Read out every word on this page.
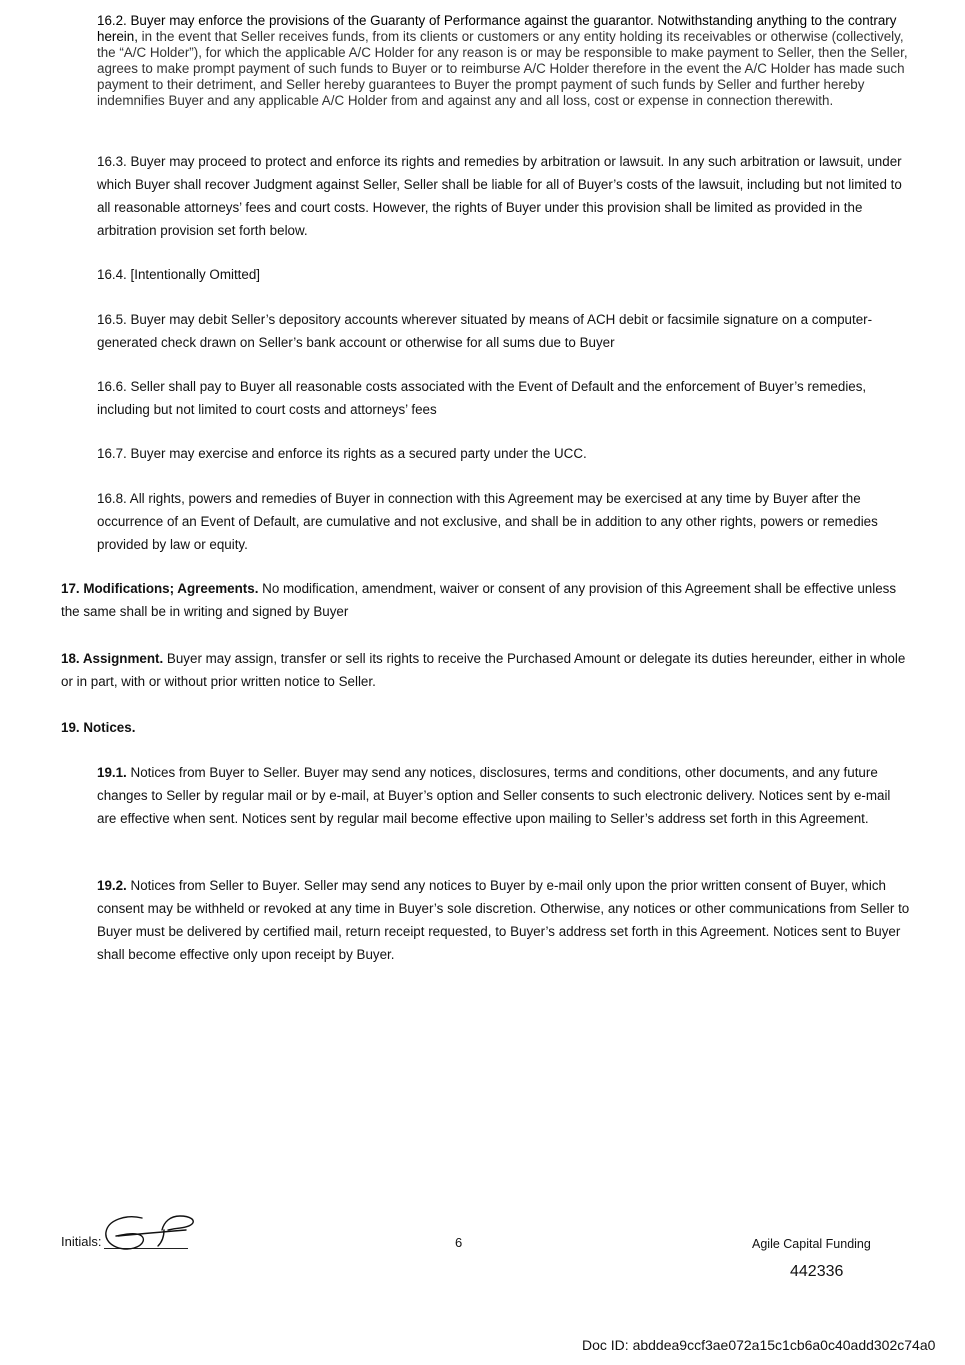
16.2. Buyer may enforce the provisions of the Guaranty of Performance against the guarantor. Notwithstanding anything to the contrary herein, in the event that Seller receives funds, from its clients or customers or any entity holding its receivables or otherwise (collectively, the “A/C Holder”), for which the applicable A/C Holder for any reason is or may be responsible to make payment to Seller, then the Seller, agrees to make prompt payment of such funds to Buyer or to reimburse A/C Holder therefore in the event the A/C Holder has made such payment to their detriment, and Seller hereby guarantees to Buyer the prompt payment of such funds by Seller and further hereby indemnifies Buyer and any applicable A/C Holder from and against any and all loss, cost or expense in connection therewith.

16.3. Buyer may proceed to protect and enforce its rights and remedies by arbitration or lawsuit. In any such arbitration or lawsuit, under which Buyer shall recover Judgment against Seller, Seller shall be liable for all of Buyer’s costs of the lawsuit, including but not limited to all reasonable attorneys’ fees and court costs. However, the rights of Buyer under this provision shall be limited as provided in the arbitration provision set forth below.

16.4. [Intentionally Omitted]

16.5. Buyer may debit Seller’s depository accounts wherever situated by means of ACH debit or facsimile signature on a computer-generated check drawn on Seller’s bank account or otherwise for all sums due to Buyer

16.6. Seller shall pay to Buyer all reasonable costs associated with the Event of Default and the enforcement of Buyer’s remedies, including but not limited to court costs and attorneys’ fees

16.7. Buyer may exercise and enforce its rights as a secured party under the UCC.

16.8. All rights, powers and remedies of Buyer in connection with this Agreement may be exercised at any time by Buyer after the occurrence of an Event of Default, are cumulative and not exclusive, and shall be in addition to any other rights, powers or remedies provided by law or equity.

17. Modifications; Agreements. No modification, amendment, waiver or consent of any provision of this Agreement shall be effective unless the same shall be in writing and signed by Buyer

18. Assignment. Buyer may assign, transfer or sell its rights to receive the Purchased Amount or delegate its duties hereunder, either in whole or in part, with or without prior written notice to Seller.

19. Notices.

19.1. Notices from Buyer to Seller. Buyer may send any notices, disclosures, terms and conditions, other documents, and any future changes to Seller by regular mail or by e-mail, at Buyer’s option and Seller consents to such electronic delivery. Notices sent by e-mail are effective when sent. Notices sent by regular mail become effective upon mailing to Seller’s address set forth in this Agreement.

19.2. Notices from Seller to Buyer. Seller may send any notices to Buyer by e-mail only upon the prior written consent of Buyer, which consent may be withheld or revoked at any time in Buyer’s sole discretion. Otherwise, any notices or other communications from Seller to Buyer must be delivered by certified mail, return receipt requested, to Buyer’s address set forth in this Agreement. Notices sent to Buyer shall become effective only upon receipt by Buyer.

Initials:	6	Agile Capital Funding
442336
Doc ID: abddea9ccf3ae072a15c1cb6a0c40add302c74a0
